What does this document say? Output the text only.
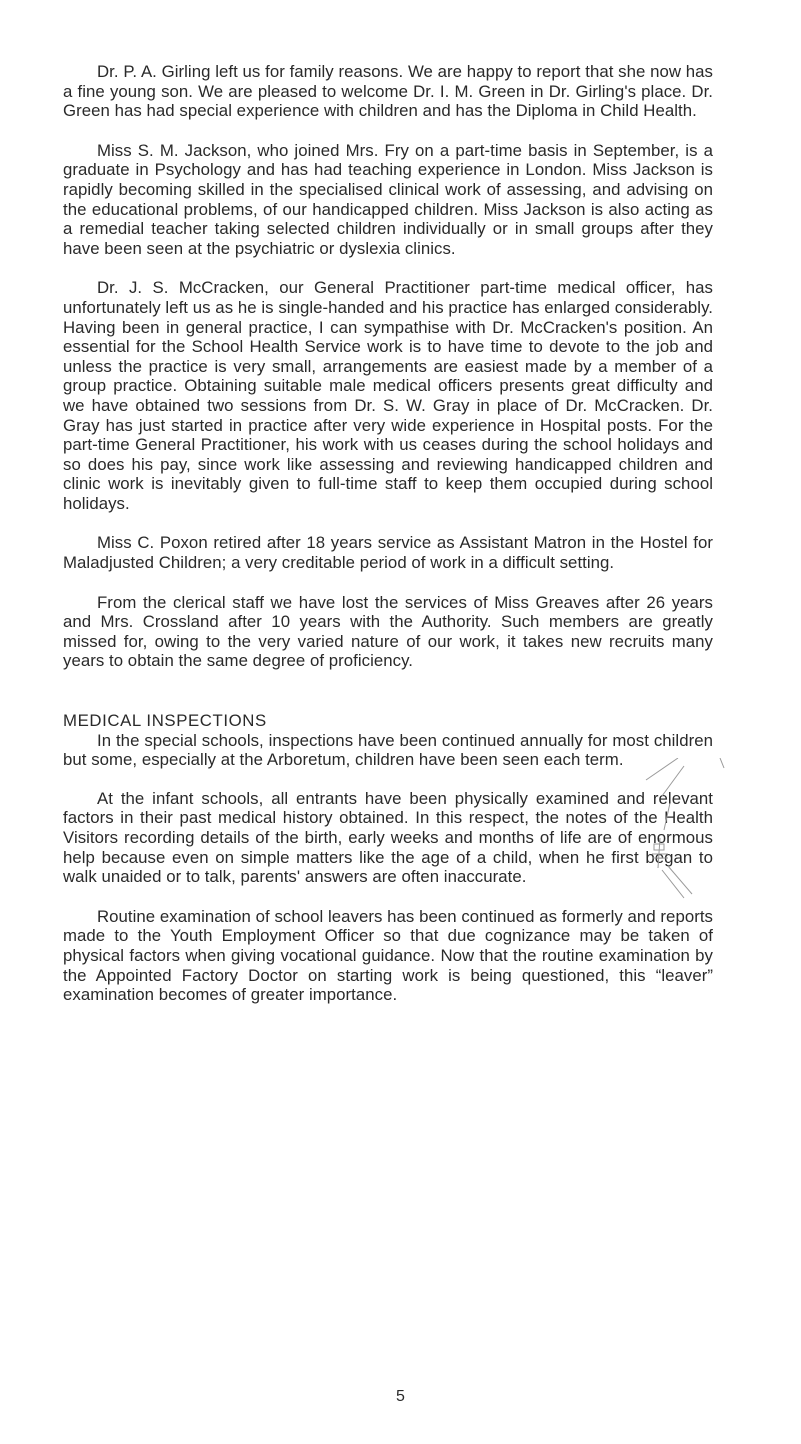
Dr. P. A. Girling left us for family reasons. We are happy to report that she now has a fine young son. We are pleased to welcome Dr. I. M. Green in Dr. Girling's place. Dr. Green has had special experience with children and has the Diploma in Child Health.

Miss S. M. Jackson, who joined Mrs. Fry on a part-time basis in September, is a graduate in Psychology and has had teaching experience in London. Miss Jackson is rapidly becoming skilled in the specialised clinical work of assessing, and advising on the educational problems, of our handicapped children. Miss Jackson is also acting as a remedial teacher taking selected children individually or in small groups after they have been seen at the psychiatric or dyslexia clinics.

Dr. J. S. McCracken, our General Practitioner part-time medical officer, has unfortunately left us as he is single-handed and his practice has enlarged considerably. Having been in general practice, I can sympathise with Dr. McCracken's position. An essential for the School Health Service work is to have time to devote to the job and unless the practice is very small, arrangements are easiest made by a member of a group practice. Obtaining suitable male medical officers presents great difficulty and we have obtained two sessions from Dr. S. W. Gray in place of Dr. McCracken. Dr. Gray has just started in practice after very wide experience in Hospital posts. For the part-time General Practitioner, his work with us ceases during the school holidays and so does his pay, since work like assessing and reviewing handicapped children and clinic work is inevitably given to full-time staff to keep them occupied during school holidays.

Miss C. Poxon retired after 18 years service as Assistant Matron in the Hostel for Maladjusted Children; a very creditable period of work in a difficult setting.

From the clerical staff we have lost the services of Miss Greaves after 26 years and Mrs. Crossland after 10 years with the Authority. Such members are greatly missed for, owing to the very varied nature of our work, it takes new recruits many years to obtain the same degree of proficiency.

MEDICAL INSPECTIONS

In the special schools, inspections have been continued annually for most children but some, especially at the Arboretum, children have been seen each term.

At the infant schools, all entrants have been physically examined and relevant factors in their past medical history obtained. In this respect, the notes of the Health Visitors recording details of the birth, early weeks and months of life are of enormous help because even on simple matters like the age of a child, when he first began to walk unaided or to talk, parents' answers are often inaccurate.

Routine examination of school leavers has been continued as formerly and reports made to the Youth Employment Officer so that due cognizance may be taken of physical factors when giving vocational guidance. Now that the routine examination by the Appointed Factory Doctor on starting work is being questioned, this “leaver” examination becomes of greater importance.

5
